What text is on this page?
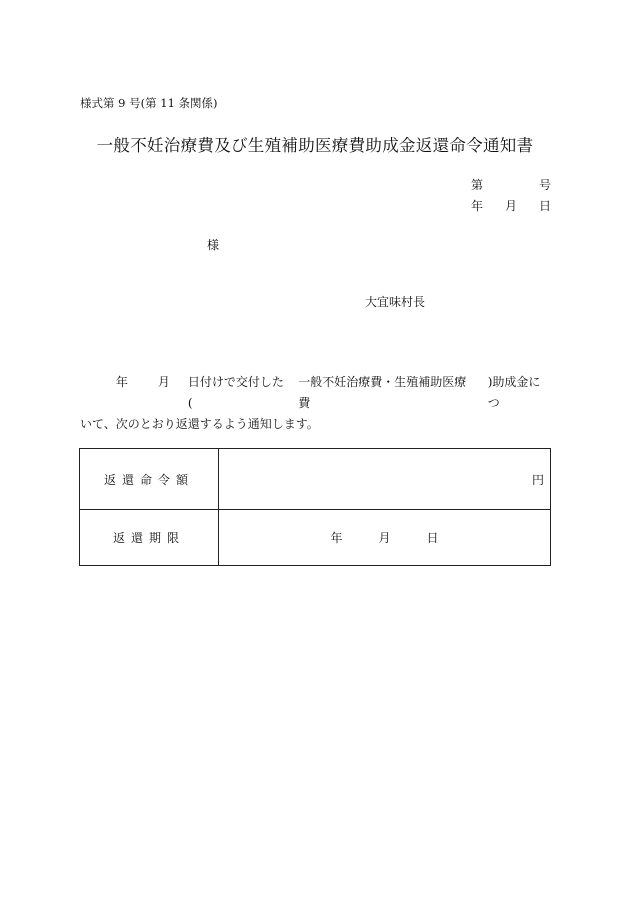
様式第 9 号(第 11 条関係)
一般不妊治療費及び生殖補助医療費助成金返還命令通知書
第	号
年 月 日
様
大宜味村長
年 月 日付けで交付した(
一般不妊治療費・生殖補助医療費
)助成金につ
いて、次のとおり返還するよう通知します。
返還命令額	円
返還期限	年 月 日
